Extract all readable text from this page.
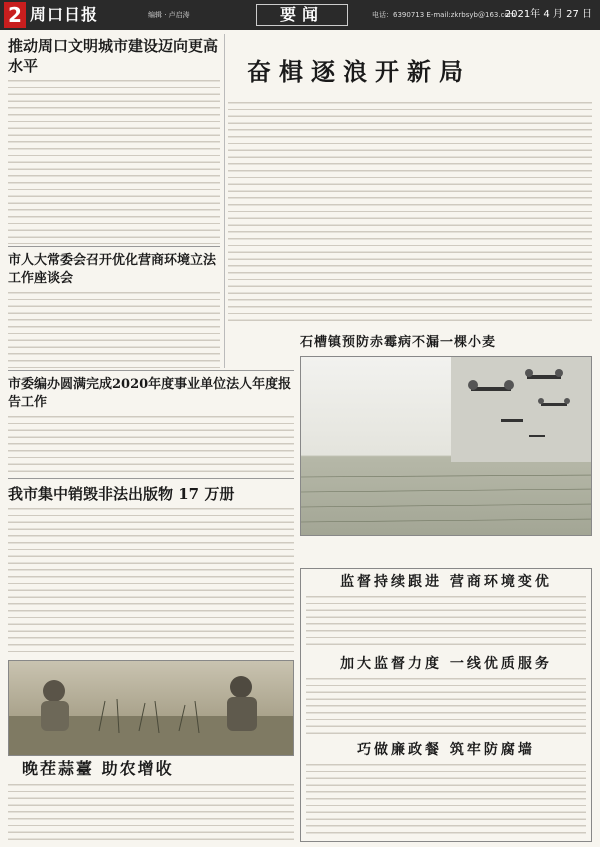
2 周口日报	编辑 · 卢启涛	要闻	电话：6390713 E-mail:zkrbsyb@163.com
2021年 4 月 27 日
推动周口文明城市建设迈向更高水平
市人大常委会召开优化营商环境立法工作座谈会
市委编办圆满完成2020年度事业单位法人年度报告工作
我市集中销毁非法出版物 17 万册
晚茬蒜薹 助农增收
奋楫逐浪开新局
石槽镇预防赤霉病不漏一棵小麦
监督持续跟进 营商环境变优
加大监督力度 一线优质服务
巧做廉政餐 筑牢防腐墙
